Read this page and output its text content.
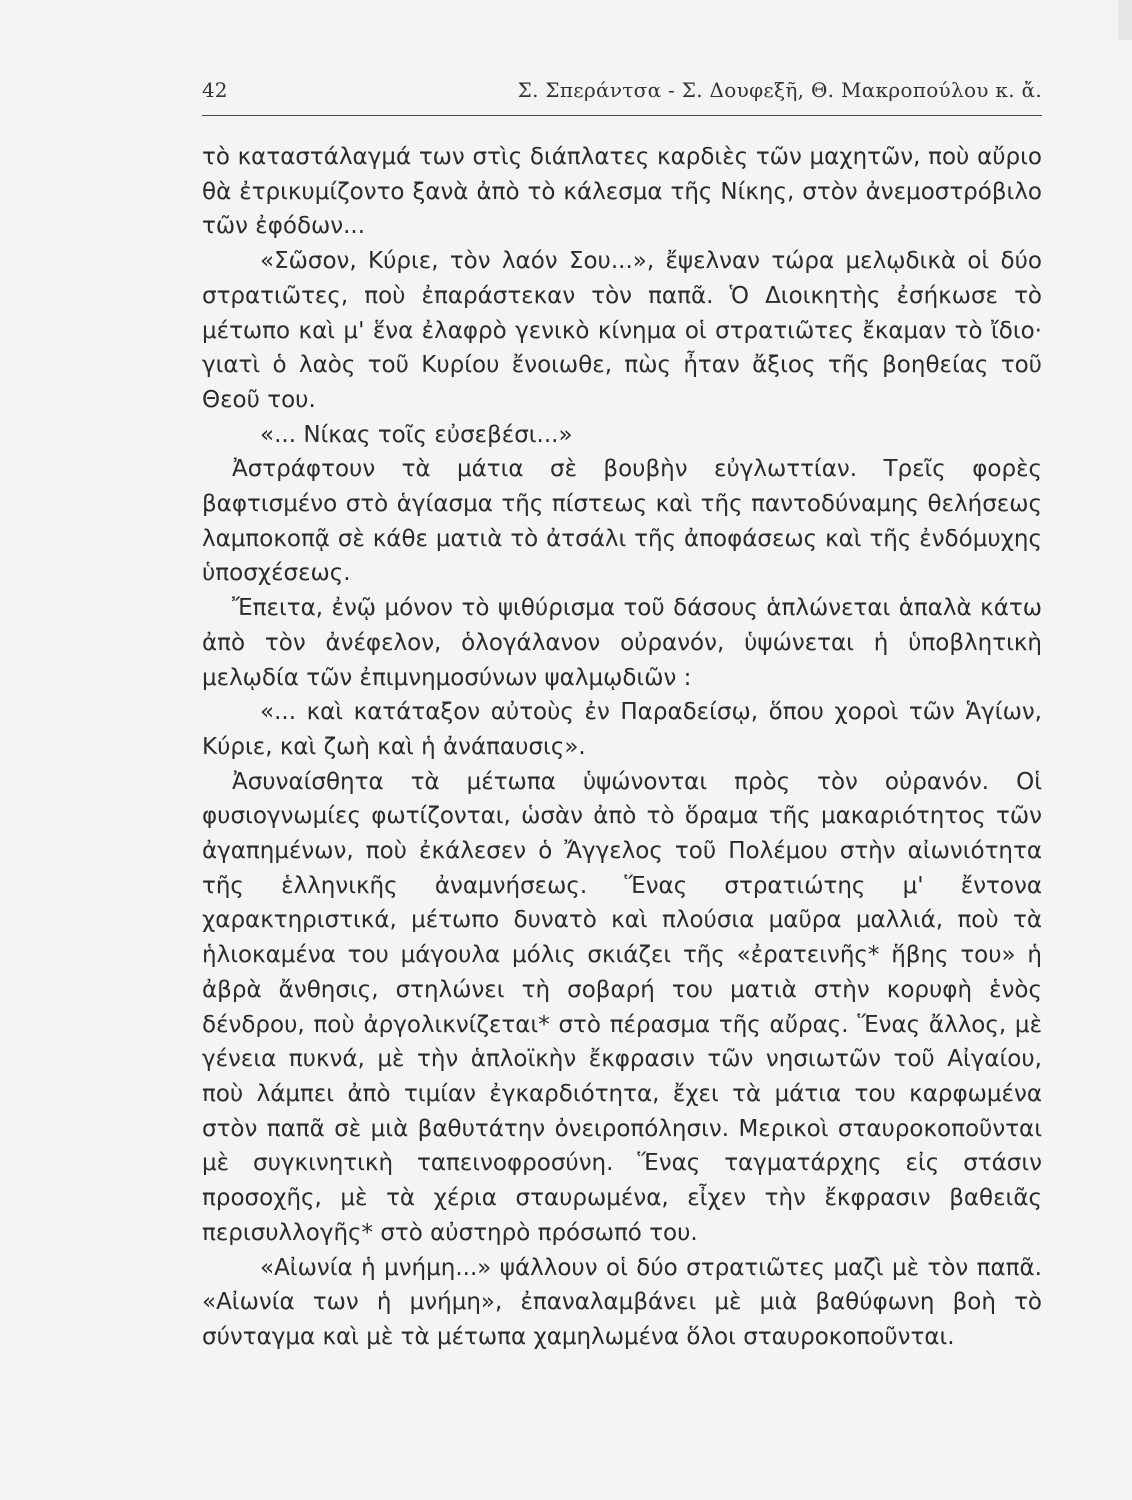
42	Σ. Σπεράντσα - Σ. Δουφεξῆ, Θ. Μακροπούλου κ. ἄ.

τὸ καταστάλαγμά των στὶς διάπλατες καρδιὲς τῶν μαχητῶν, ποὺ αὔριο θὰ ἐτρικυμίζοντο ξανὰ ἀπὸ τὸ κάλεσμα τῆς Νίκης, στὸν ἀνεμοστρόβιλο τῶν ἐφόδων...

«Σῶσον, Κύριε, τὸν λαόν Σου...», ἔψελναν τώρα μελῳδικὰ οἱ δύο στρατιῶτες, ποὺ ἐπαράστεκαν τὸν παπᾶ. Ὁ Διοικητὴς ἐσήκωσε τὸ μέτωπο καὶ μ' ἕνα ἐλαφρὸ γενικὸ κίνημα οἱ στρατιῶτες ἔκαμαν τὸ ἴδιο· γιατὶ ὁ λαὸς τοῦ Κυρίου ἔνοιωθε, πὼς ἦταν ἄξιος τῆς βοηθείας τοῦ Θεοῦ του.

«... Νίκας τοῖς εὐσεβέσι...»

Ἀστράφτουν τὰ μάτια σὲ βουβὴν εὐγλωττίαν. Τρεῖς φορὲς βαφτισμένο στὸ ἁγίασμα τῆς πίστεως καὶ τῆς παντοδύναμης θελήσεως λαμποκοπᾷ σὲ κάθε ματιὰ τὸ ἀτσάλι τῆς ἀποφάσεως καὶ τῆς ἐνδόμυχης ὑποσχέσεως.

Ἔπειτα, ἐνῷ μόνον τὸ ψιθύρισμα τοῦ δάσους ἁπλώνεται ἁπαλὰ κάτω ἀπὸ τὸν ἀνέφελον, ὁλογάλανον οὐρανόν, ὑψώνεται ἡ ὑποβλητικὴ μελῳδία τῶν ἐπιμνημοσύνων ψαλμῳδιῶν :

«... καὶ κατάταξον αὐτοὺς ἐν Παραδείσῳ, ὅπου χοροὶ τῶν Ἁγίων, Κύριε, καὶ ζωὴ καὶ ἡ ἀνάπαυσις».

Ἀσυναίσθητα τὰ μέτωπα ὑψώνονται πρὸς τὸν οὐρανόν. Οἱ φυσιογνωμίες φωτίζονται, ὡσὰν ἀπὸ τὸ ὅραμα τῆς μακαριότητος τῶν ἀγαπημένων, ποὺ ἐκάλεσεν ὁ Ἄγγελος τοῦ Πολέμου στὴν αἰωνιότητα τῆς ἑλληνικῆς ἀναμνήσεως. Ἕνας στρατιώτης μ' ἔντονα χαρακτηριστικά, μέτωπο δυνατὸ καὶ πλούσια μαῦρα μαλλιά, ποὺ τὰ ἡλιοκαμένα του μάγουλα μόλις σκιάζει τῆς «ἐρατεινῆς* ἥβης του» ἡ ἀβρὰ ἄνθησις, στηλώνει τὴ σοβαρή του ματιὰ στὴν κορυφὴ ἑνὸς δένδρου, ποὺ ἀργολικνίζεται* στὸ πέρασμα τῆς αὔρας. Ἕνας ἄλλος, μὲ γένεια πυκνά, μὲ τὴν ἁπλοϊκὴν ἔκφρασιν τῶν νησιωτῶν τοῦ Αἰγαίου, ποὺ λάμπει ἀπὸ τιμίαν ἐγκαρδιότητα, ἔχει τὰ μάτια του καρφωμένα στὸν παπᾶ σὲ μιὰ βαθυτάτην ὀνειροπόλησιν. Μερικοὶ σταυροκοποῦνται μὲ συγκινητικὴ ταπεινοφροσύνη. Ἕνας ταγματάρχης εἰς στάσιν προσοχῆς, μὲ τὰ χέρια σταυρωμένα, εἶχεν τὴν ἔκφρασιν βαθειᾶς περισυλλογῆς* στὸ αὐστηρὸ πρόσωπό του.

«Αἰωνία ἡ μνήμη...» ψάλλουν οἱ δύο στρατιῶτες μαζὶ μὲ τὸν παπᾶ. «Αἰωνία των ἡ μνήμη», ἐπαναλαμβάνει μὲ μιὰ βαθύφωνη βοὴ τὸ σύνταγμα καὶ μὲ τὰ μέτωπα χαμηλωμένα ὅλοι σταυροκοποῦνται.
